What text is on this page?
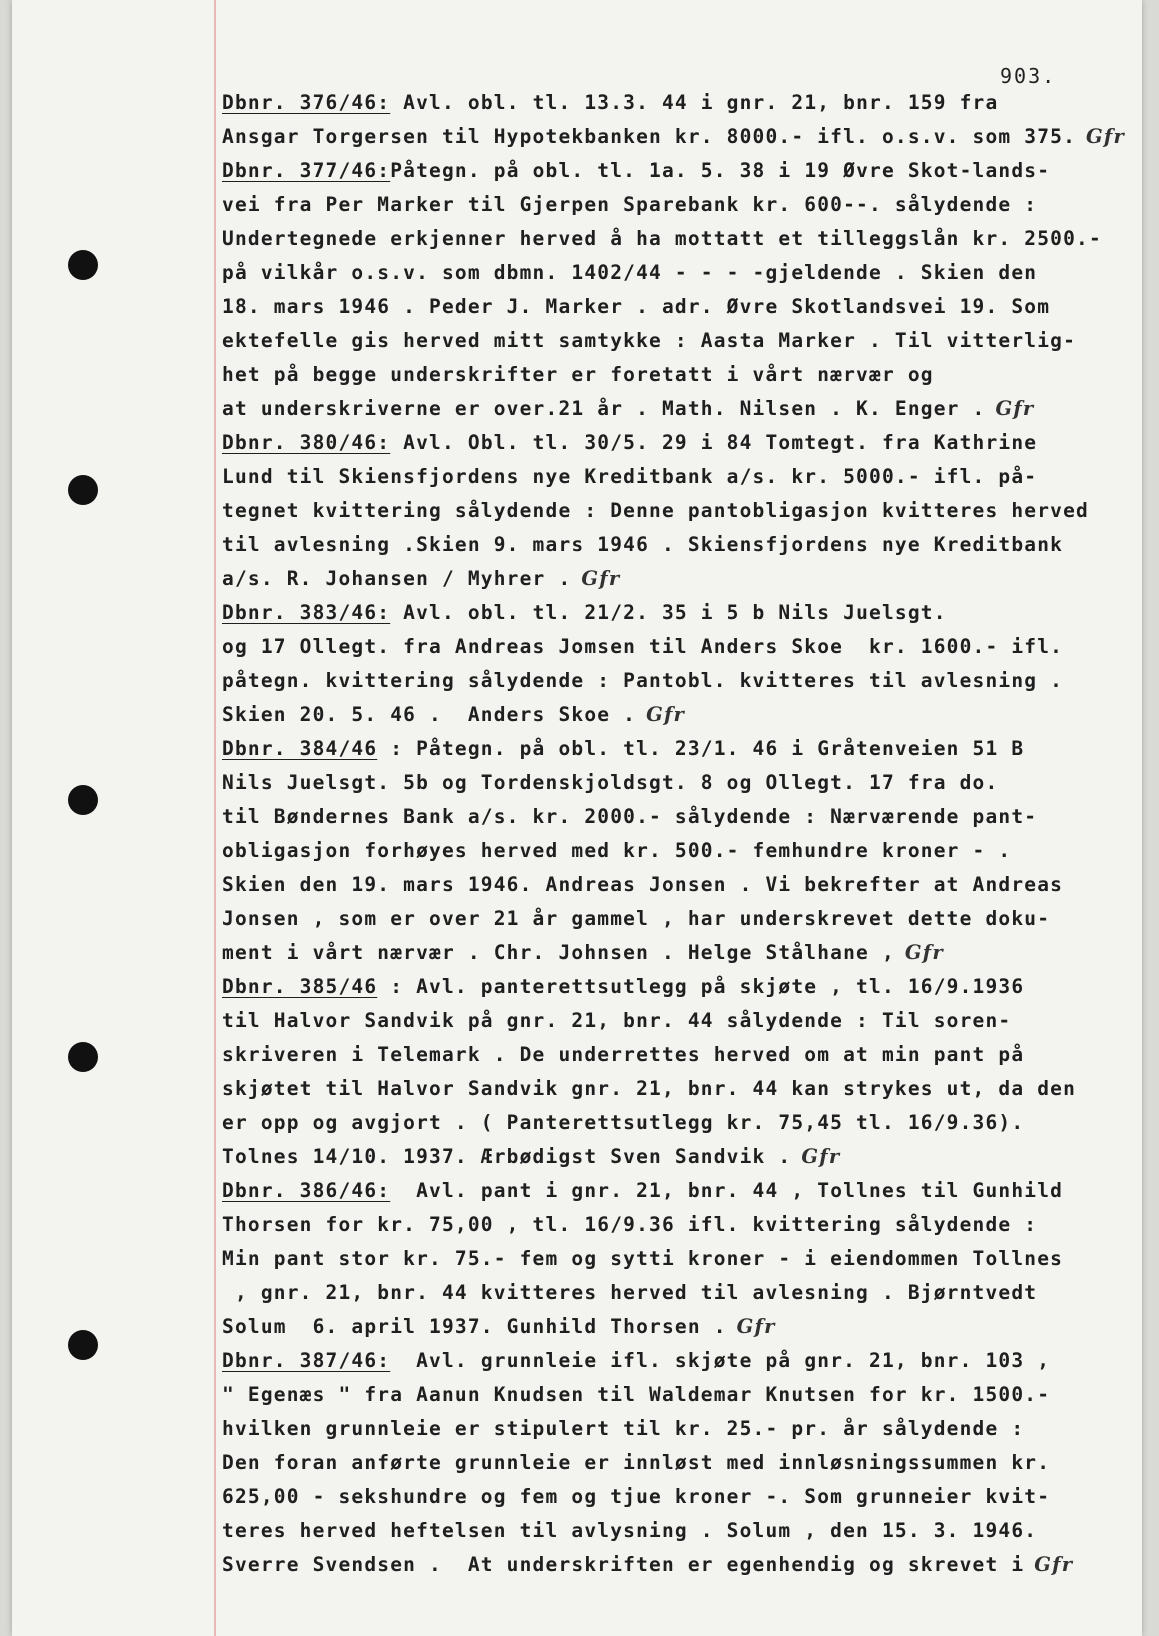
903.
Dbnr. 376/46: Avl. obl. tl. 13.3. 44 i gnr. 21, bnr. 159 fra
Ansgar Torgersen til Hypotekbanken kr. 8000.- ifl. o.s.v. som 375. Gfr
Dbnr. 377/46:Påtegn. på obl. tl. 1a. 5. 38 i 19 Øvre Skot-lands-
vei fra Per Marker til Gjerpen Sparebank kr. 600--. sålydende :
Undertegnede erkjenner herved å ha mottatt et tilleggslån kr. 2500.-
på vilkår o.s.v. som dbmn. 1402/44 - - - -gjeldende . Skien den
18. mars 1946 . Peder J. Marker . adr. Øvre Skotlandsvei 19. Som
ektefelle gis herved mitt samtykke : Aasta Marker . Til vitterlig-
het på begge underskrifter er foretatt i vårt nærvær og
at underskriverne er over.21 år . Math. Nilsen . K. Enger . Gfr
Dbnr. 380/46: Avl. Obl. tl. 30/5. 29 i 84 Tomtegt. fra Kathrine
Lund til Skiensfjordens nye Kreditbank a/s. kr. 5000.- ifl. på-
tegnet kvittering sålydende : Denne pantobligasjon kvitteres herved
til avlesning .Skien 9. mars 1946 . Skiensfjordens nye Kreditbank
a/s. R. Johansen / Myhrer . Gfr
Dbnr. 383/46: Avl. obl. tl. 21/2. 35 i 5 b Nils Juelsgt.
og 17 Ollegt. fra Andreas Jomsen til Anders Skoe  kr. 1600.- ifl.
påtegn. kvittering sålydende : Pantobl. kvitteres til avlesning .
Skien 20. 5. 46 .  Anders Skoe . Gfr
Dbnr. 384/46 : Påtegn. på obl. tl. 23/1. 46 i Gråtenveien 51 B
Nils Juelsgt. 5b og Tordenskjoldsgt. 8 og Ollegt. 17 fra do.
til Bøndernes Bank a/s. kr. 2000.- sålydende : Nærværende pant-
obligasjon forhøyes herved med kr. 500.- femhundre kroner - .
Skien den 19. mars 1946. Andreas Jonsen . Vi bekrefter at Andreas
Jonsen , som er over 21 år gammel , har underskrevet dette doku-
ment i vårt nærvær . Chr. Johnsen . Helge Stålhane , Gfr
Dbnr. 385/46 : Avl. panterettsutlegg på skjøte , tl. 16/9.1936
til Halvor Sandvik på gnr. 21, bnr. 44 sålydende : Til soren-
skriveren i Telemark . De underrettes herved om at min pant på
skjøtet til Halvor Sandvik gnr. 21, bnr. 44 kan strykes ut, da den
er opp og avgjort . ( Panterettsutlegg kr. 75,45 tl. 16/9.36).
Tolnes 14/10. 1937. Ærbødigst Sven Sandvik . Gfr
Dbnr. 386/46:  Avl. pant i gnr. 21, bnr. 44 , Tollnes til Gunhild
Thorsen for kr. 75,00 , tl. 16/9.36 ifl. kvittering sålydende :
Min pant stor kr. 75.- fem og sytti kroner - i eiendommen Tollnes
, gnr. 21, bnr. 44 kvitteres herved til avlesning . Bjørntvedt
Solum  6. april 1937. Gunhild Thorsen . Gfr
Dbnr. 387/46:  Avl. grunnleie ifl. skjøte på gnr. 21, bnr. 103 ,
" Egenæs " fra Aanun Knudsen til Waldemar Knutsen for kr. 1500.-
hvilken grunnleie er stipulert til kr. 25.- pr. år sålydende :
Den foran anførte grunnleie er innløst med innløsningssummen kr.
625,00 - sekshundre og fem og tjue kroner -. Som grunneier kvit-
teres herved heftelsen til avlysning . Solum , den 15. 3. 1946.
Sverre Svendsen .  At underskriften er egenhendig og skrevet i Gfr
